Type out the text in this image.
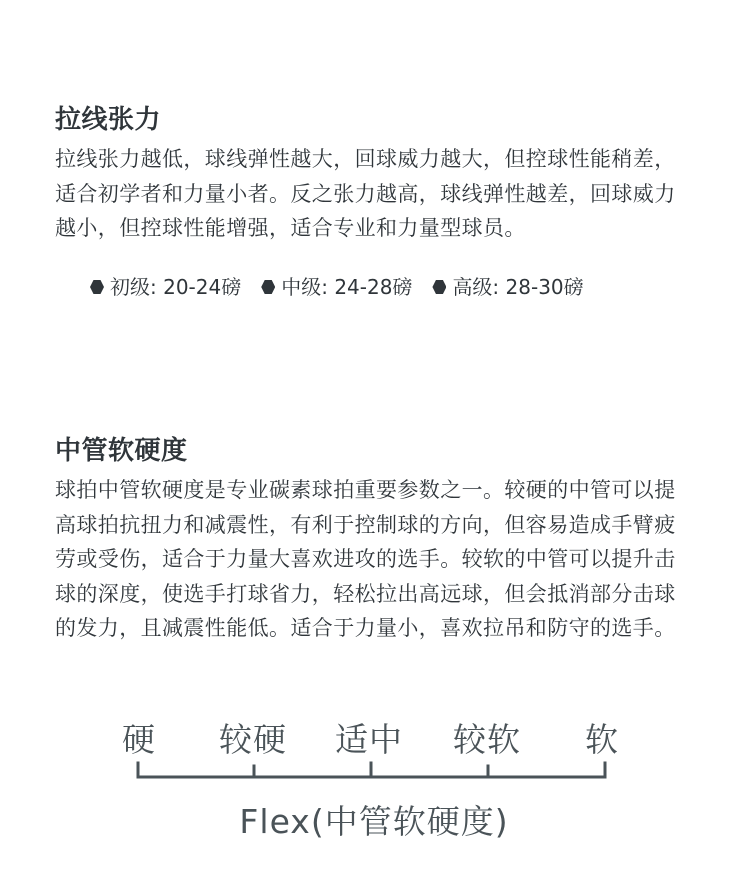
拉线张力

拉线张力越低，球线弹性越大，回球威力越大，但控球性能稍差，适合初学者和力量小者。反之张力越高，球线弹性越差，回球威力越小，但控球性能增强，适合专业和力量型球员。

初级: 20-24磅 中级: 24-28磅 高级: 28-30磅
中管软硬度

球拍中管软硬度是专业碳素球拍重要参数之一。较硬的中管可以提高球拍抗扭力和减震性，有利于控制球的方向，但容易造成手臂疲劳或受伤，适合于力量大喜欢进攻的选手。较软的中管可以提升击球的深度，使选手打球省力，轻松拉出高远球，但会抵消部分击球的发力，且减震性能低。适合于力量小，喜欢拉吊和防守的选手。

硬 较硬 适中 较软 软
Flex(中管软硬度)
